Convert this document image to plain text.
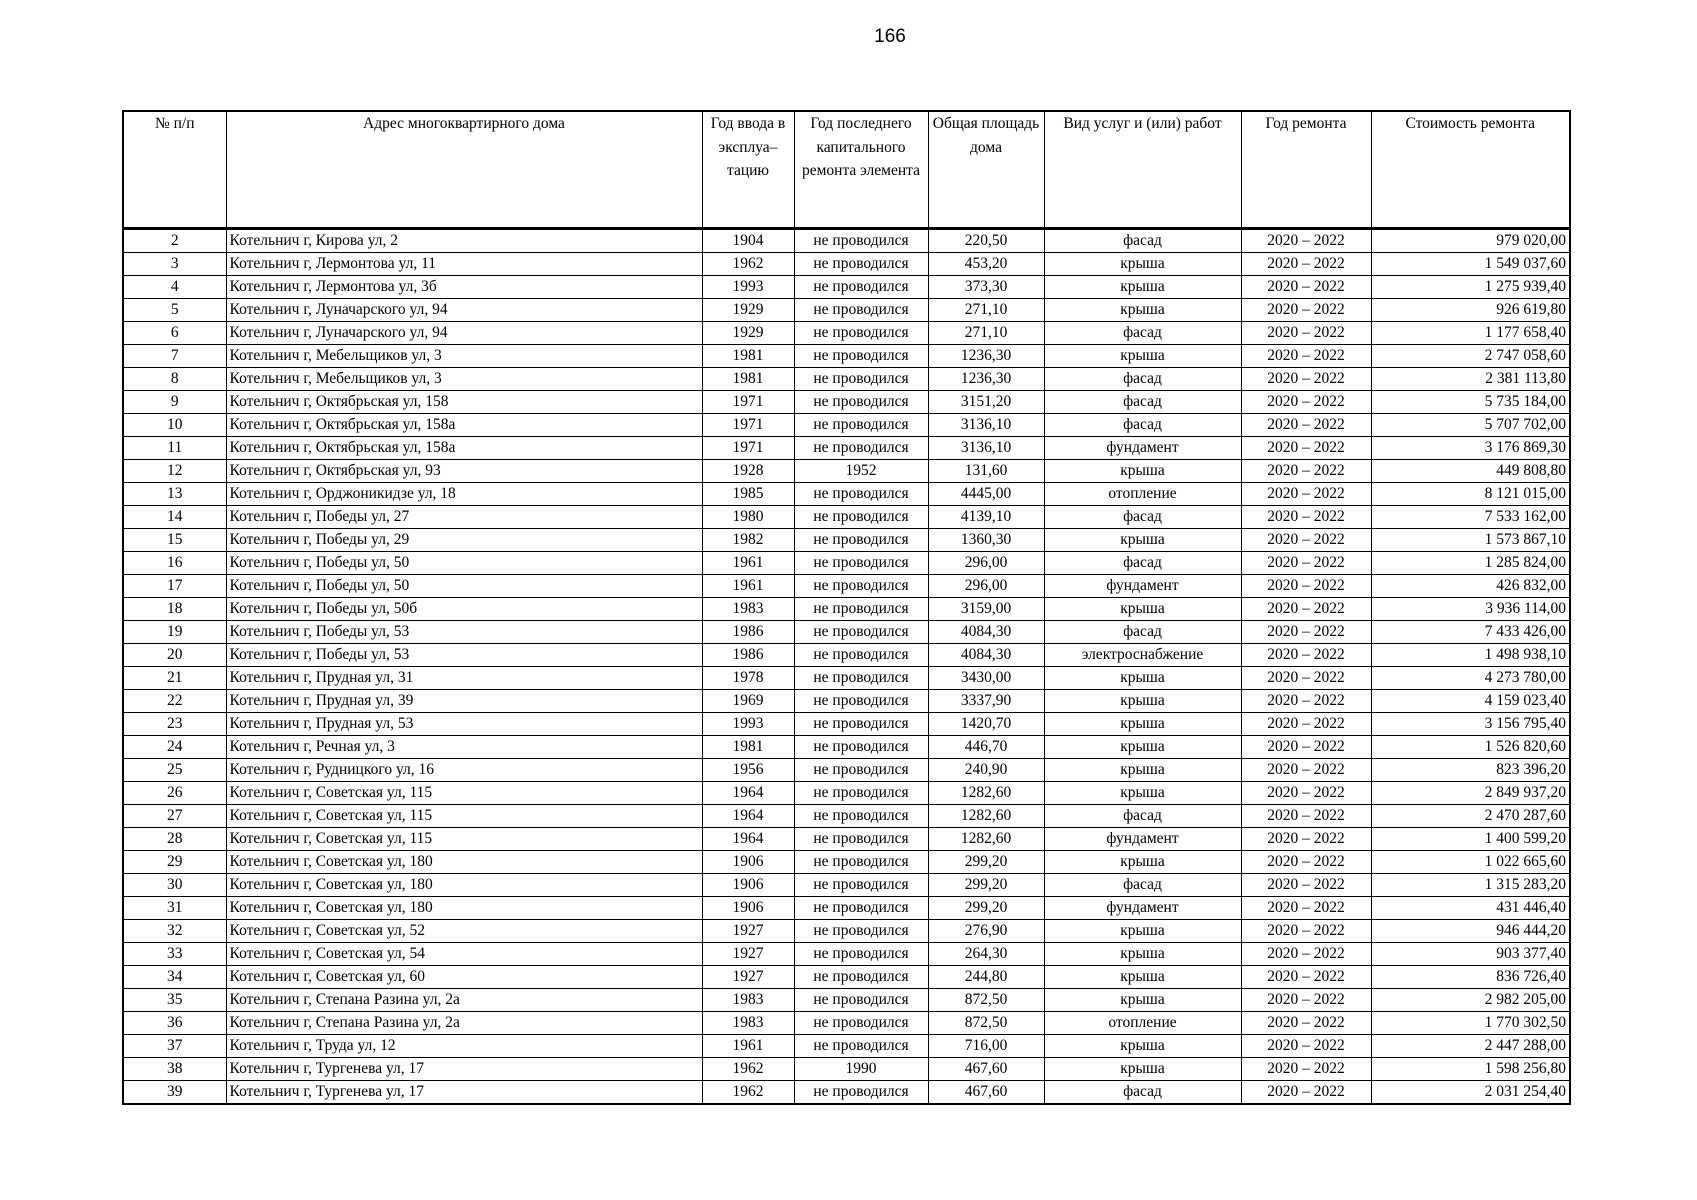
166
№ п/п	Адрес многоквартирного дома	Год ввода в эксплуа– тацию	Год последнего капитального ремонта элемента	Общая площадь дома	Вид услуг и (или) работ	Год ремонта	Стоимость ремонта
2	Котельнич г, Кирова ул, 2	1904	не проводился	220,50	фасад	2020 – 2022	979 020,00
3	Котельнич г, Лермонтова ул, 11	1962	не проводился	453,20	крыша	2020 – 2022	1 549 037,60
4	Котельнич г, Лермонтова ул, 3б	1993	не проводился	373,30	крыша	2020 – 2022	1 275 939,40
5	Котельнич г, Луначарского ул, 94	1929	не проводился	271,10	крыша	2020 – 2022	926 619,80
6	Котельнич г, Луначарского ул, 94	1929	не проводился	271,10	фасад	2020 – 2022	1 177 658,40
7	Котельнич г, Мебельщиков ул, 3	1981	не проводился	1236,30	крыша	2020 – 2022	2 747 058,60
8	Котельнич г, Мебельщиков ул, 3	1981	не проводился	1236,30	фасад	2020 – 2022	2 381 113,80
9	Котельнич г, Октябрьская ул, 158	1971	не проводился	3151,20	фасад	2020 – 2022	5 735 184,00
10	Котельнич г, Октябрьская ул, 158а	1971	не проводился	3136,10	фасад	2020 – 2022	5 707 702,00
11	Котельнич г, Октябрьская ул, 158а	1971	не проводился	3136,10	фундамент	2020 – 2022	3 176 869,30
12	Котельнич г, Октябрьская ул, 93	1928	1952	131,60	крыша	2020 – 2022	449 808,80
13	Котельнич г, Орджоникидзе ул, 18	1985	не проводился	4445,00	отопление	2020 – 2022	8 121 015,00
14	Котельнич г, Победы ул, 27	1980	не проводился	4139,10	фасад	2020 – 2022	7 533 162,00
15	Котельнич г, Победы ул, 29	1982	не проводился	1360,30	крыша	2020 – 2022	1 573 867,10
16	Котельнич г, Победы ул, 50	1961	не проводился	296,00	фасад	2020 – 2022	1 285 824,00
17	Котельнич г, Победы ул, 50	1961	не проводился	296,00	фундамент	2020 – 2022	426 832,00
18	Котельнич г, Победы ул, 50б	1983	не проводился	3159,00	крыша	2020 – 2022	3 936 114,00
19	Котельнич г, Победы ул, 53	1986	не проводился	4084,30	фасад	2020 – 2022	7 433 426,00
20	Котельнич г, Победы ул, 53	1986	не проводился	4084,30	электроснабжение	2020 – 2022	1 498 938,10
21	Котельнич г, Прудная ул, 31	1978	не проводился	3430,00	крыша	2020 – 2022	4 273 780,00
22	Котельнич г, Прудная ул, 39	1969	не проводился	3337,90	крыша	2020 – 2022	4 159 023,40
23	Котельнич г, Прудная ул, 53	1993	не проводился	1420,70	крыша	2020 – 2022	3 156 795,40
24	Котельнич г, Речная ул, 3	1981	не проводился	446,70	крыша	2020 – 2022	1 526 820,60
25	Котельнич г, Рудницкого ул, 16	1956	не проводился	240,90	крыша	2020 – 2022	823 396,20
26	Котельнич г, Советская ул, 115	1964	не проводился	1282,60	крыша	2020 – 2022	2 849 937,20
27	Котельнич г, Советская ул, 115	1964	не проводился	1282,60	фасад	2020 – 2022	2 470 287,60
28	Котельнич г, Советская ул, 115	1964	не проводился	1282,60	фундамент	2020 – 2022	1 400 599,20
29	Котельнич г, Советская ул, 180	1906	не проводился	299,20	крыша	2020 – 2022	1 022 665,60
30	Котельнич г, Советская ул, 180	1906	не проводился	299,20	фасад	2020 – 2022	1 315 283,20
31	Котельнич г, Советская ул, 180	1906	не проводился	299,20	фундамент	2020 – 2022	431 446,40
32	Котельнич г, Советская ул, 52	1927	не проводился	276,90	крыша	2020 – 2022	946 444,20
33	Котельнич г, Советская ул, 54	1927	не проводился	264,30	крыша	2020 – 2022	903 377,40
34	Котельнич г, Советская ул, 60	1927	не проводился	244,80	крыша	2020 – 2022	836 726,40
35	Котельнич г, Степана Разина ул, 2а	1983	не проводился	872,50	крыша	2020 – 2022	2 982 205,00
36	Котельнич г, Степана Разина ул, 2а	1983	не проводился	872,50	отопление	2020 – 2022	1 770 302,50
37	Котельнич г, Труда ул, 12	1961	не проводился	716,00	крыша	2020 – 2022	2 447 288,00
38	Котельнич г, Тургенева ул, 17	1962	1990	467,60	крыша	2020 – 2022	1 598 256,80
39	Котельнич г, Тургенева ул, 17	1962	не проводился	467,60	фасад	2020 – 2022	2 031 254,40
